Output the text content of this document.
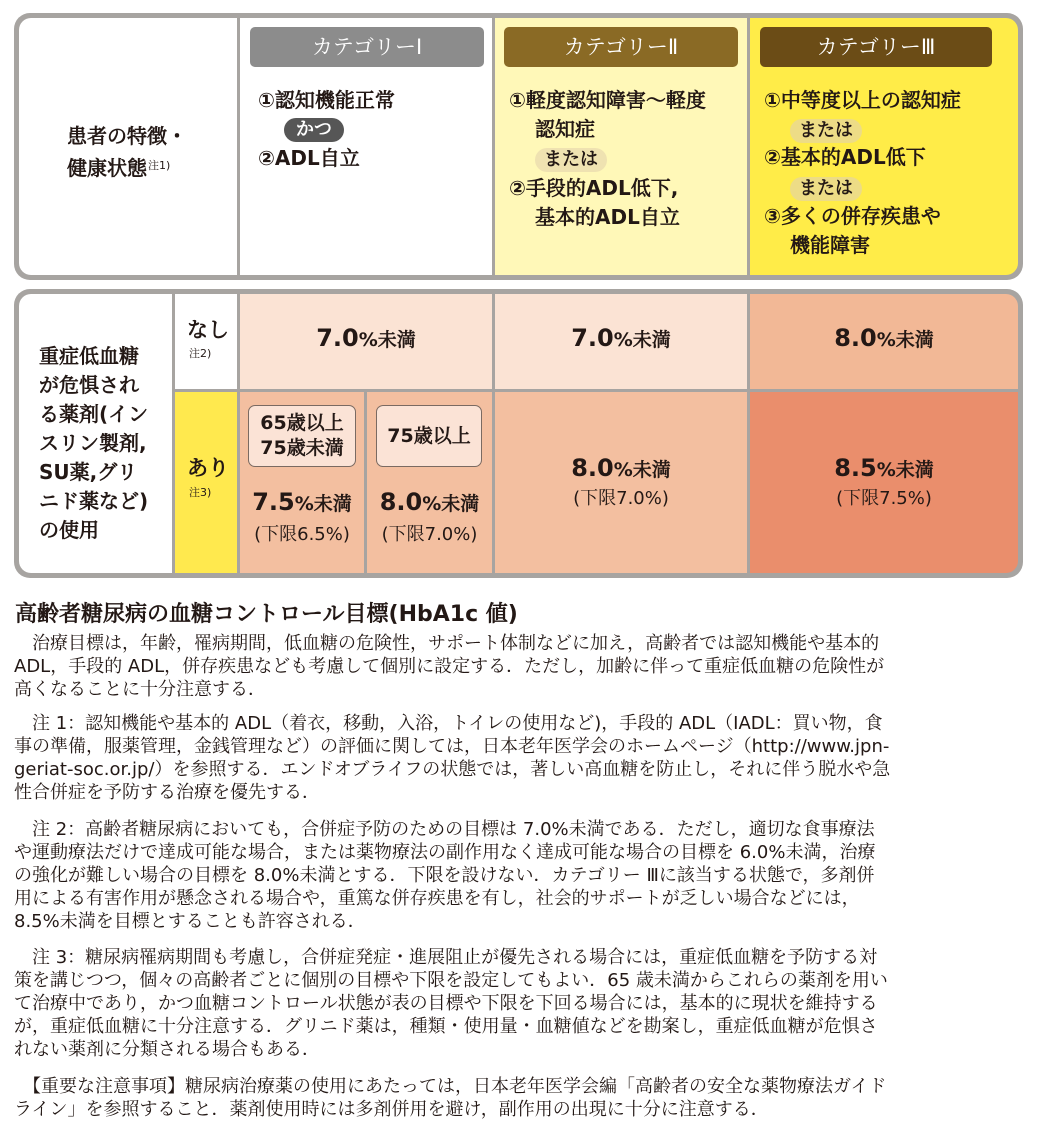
患者の特徴・
健康状態$^{注1)}$
カテゴリーⅠ
①認知機能正常
かつ
②ADL自立
カテゴリーⅡ
①軽度認知障害～軽度
認知症
または
②手段的ADL低下,
基本的ADL自立
カテゴリーⅢ
①中等度以上の認知症
または
②基本的ADL低下
または
③多くの併存疾患や
機能障害
重症低血糖
が危惧され
る薬剤(イン
スリン製剤,
SU薬,グリ
ニド薬など)
の使用
なし
注2)
あり
注3)
7.0%未満	7.0%未満	8.0%未満
65歳以上
75歳未満
7.5%未満
(下限6.5%)
75歳以上
8.0%未満
(下限7.0%)
8.0%未満
(下限7.0%)
8.5%未満
(下限7.5%)
高齢者糖尿病の血糖コントロール目標(HbA1c 値)
　治療目標は，年齢，罹病期間，低血糖の危険性，サポート体制などに加え，高齢者では認知機能や基本的
ADL，手段的 ADL，併存疾患なども考慮して個別に設定する．ただし，加齢に伴って重症低血糖の危険性が
高くなることに十分注意する．
　注 1：認知機能や基本的 ADL（着衣，移動，入浴，トイレの使用など)，手段的 ADL（IADL：買い物，食
事の準備，服薬管理，金銭管理など）の評価に関しては，日本老年医学会のホームページ（http://www.jpn-
geriat-soc.or.jp/）を参照する．エンドオブライフの状態では，著しい高血糖を防止し，それに伴う脱水や急
性合併症を予防する治療を優先する．
　注 2：高齢者糖尿病においても，合併症予防のための目標は 7.0%未満である．ただし，適切な食事療法
や運動療法だけで達成可能な場合，または薬物療法の副作用なく達成可能な場合の目標を 6.0%未満，治療
の強化が難しい場合の目標を 8.0%未満とする．下限を設けない．カテゴリー Ⅲに該当する状態で，多剤併
用による有害作用が懸念される場合や，重篤な併存疾患を有し，社会的サポートが乏しい場合などには，
8.5%未満を目標とすることも許容される．
　注 3：糖尿病罹病期間も考慮し，合併症発症・進展阻止が優先される場合には，重症低血糖を予防する対
策を講じつつ，個々の高齢者ごとに個別の目標や下限を設定してもよい．65 歳未満からこれらの薬剤を用い
て治療中であり，かつ血糖コントロール状態が表の目標や下限を下回る場合には，基本的に現状を維持する
が，重症低血糖に十分注意する．グリニド薬は，種類・使用量・血糖値などを勘案し，重症低血糖が危惧さ
れない薬剤に分類される場合もある．
　【重要な注意事項】糖尿病治療薬の使用にあたっては，日本老年医学会編「高齢者の安全な薬物療法ガイド
ライン」を参照すること．薬剤使用時には多剤併用を避け，副作用の出現に十分に注意する．
